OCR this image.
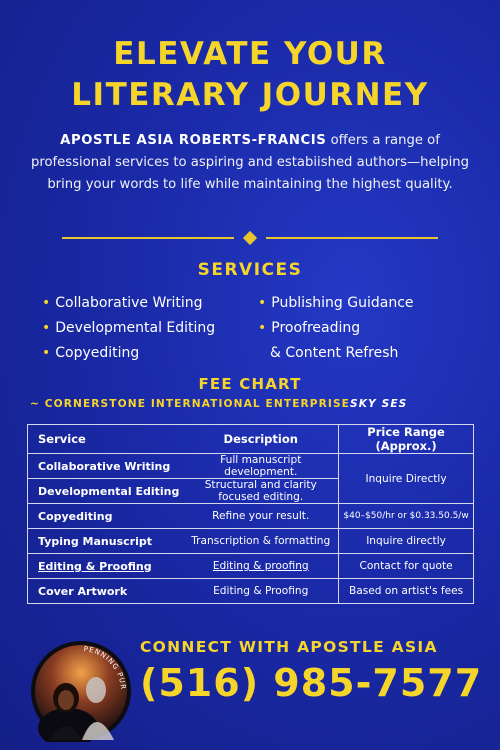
ELEVATE YOUR
LITERARY JOURNEY

APOSTLE ASIA ROBERTS-FRANCIS offers a range of professional services to aspiring and estabiished authors—helping bring your words to life while maintaining the highest quality.

SERVICES
• Collaborative Writing
• Developmental Editing
• Copyediting
• Publishing Guidance
• Proofreading
& Content Refresh
FEE CHART
~ CORNERSTONE INTERNATIONAL ENTERPRISESKY SES
Service	Description	Price Range (Approx.)
Collaborative Writing	Full manuscript development.	Inquire Directly
Developmental Editing	Structural and clarity focused editing.	
Copyediting	Refine your result.	$40–$50/hr or $0.33.50.5/w
Typing Manuscript	Transcription & formatting	Inquire directly
Editing & Proofing	Editing & proofing	Contact for quote
Cover Artwork	Editing & Proofing	Based on artist's fees
PENNING PUR
CONNECT WITH APOSTLE ASIA
(516) 985-7577
